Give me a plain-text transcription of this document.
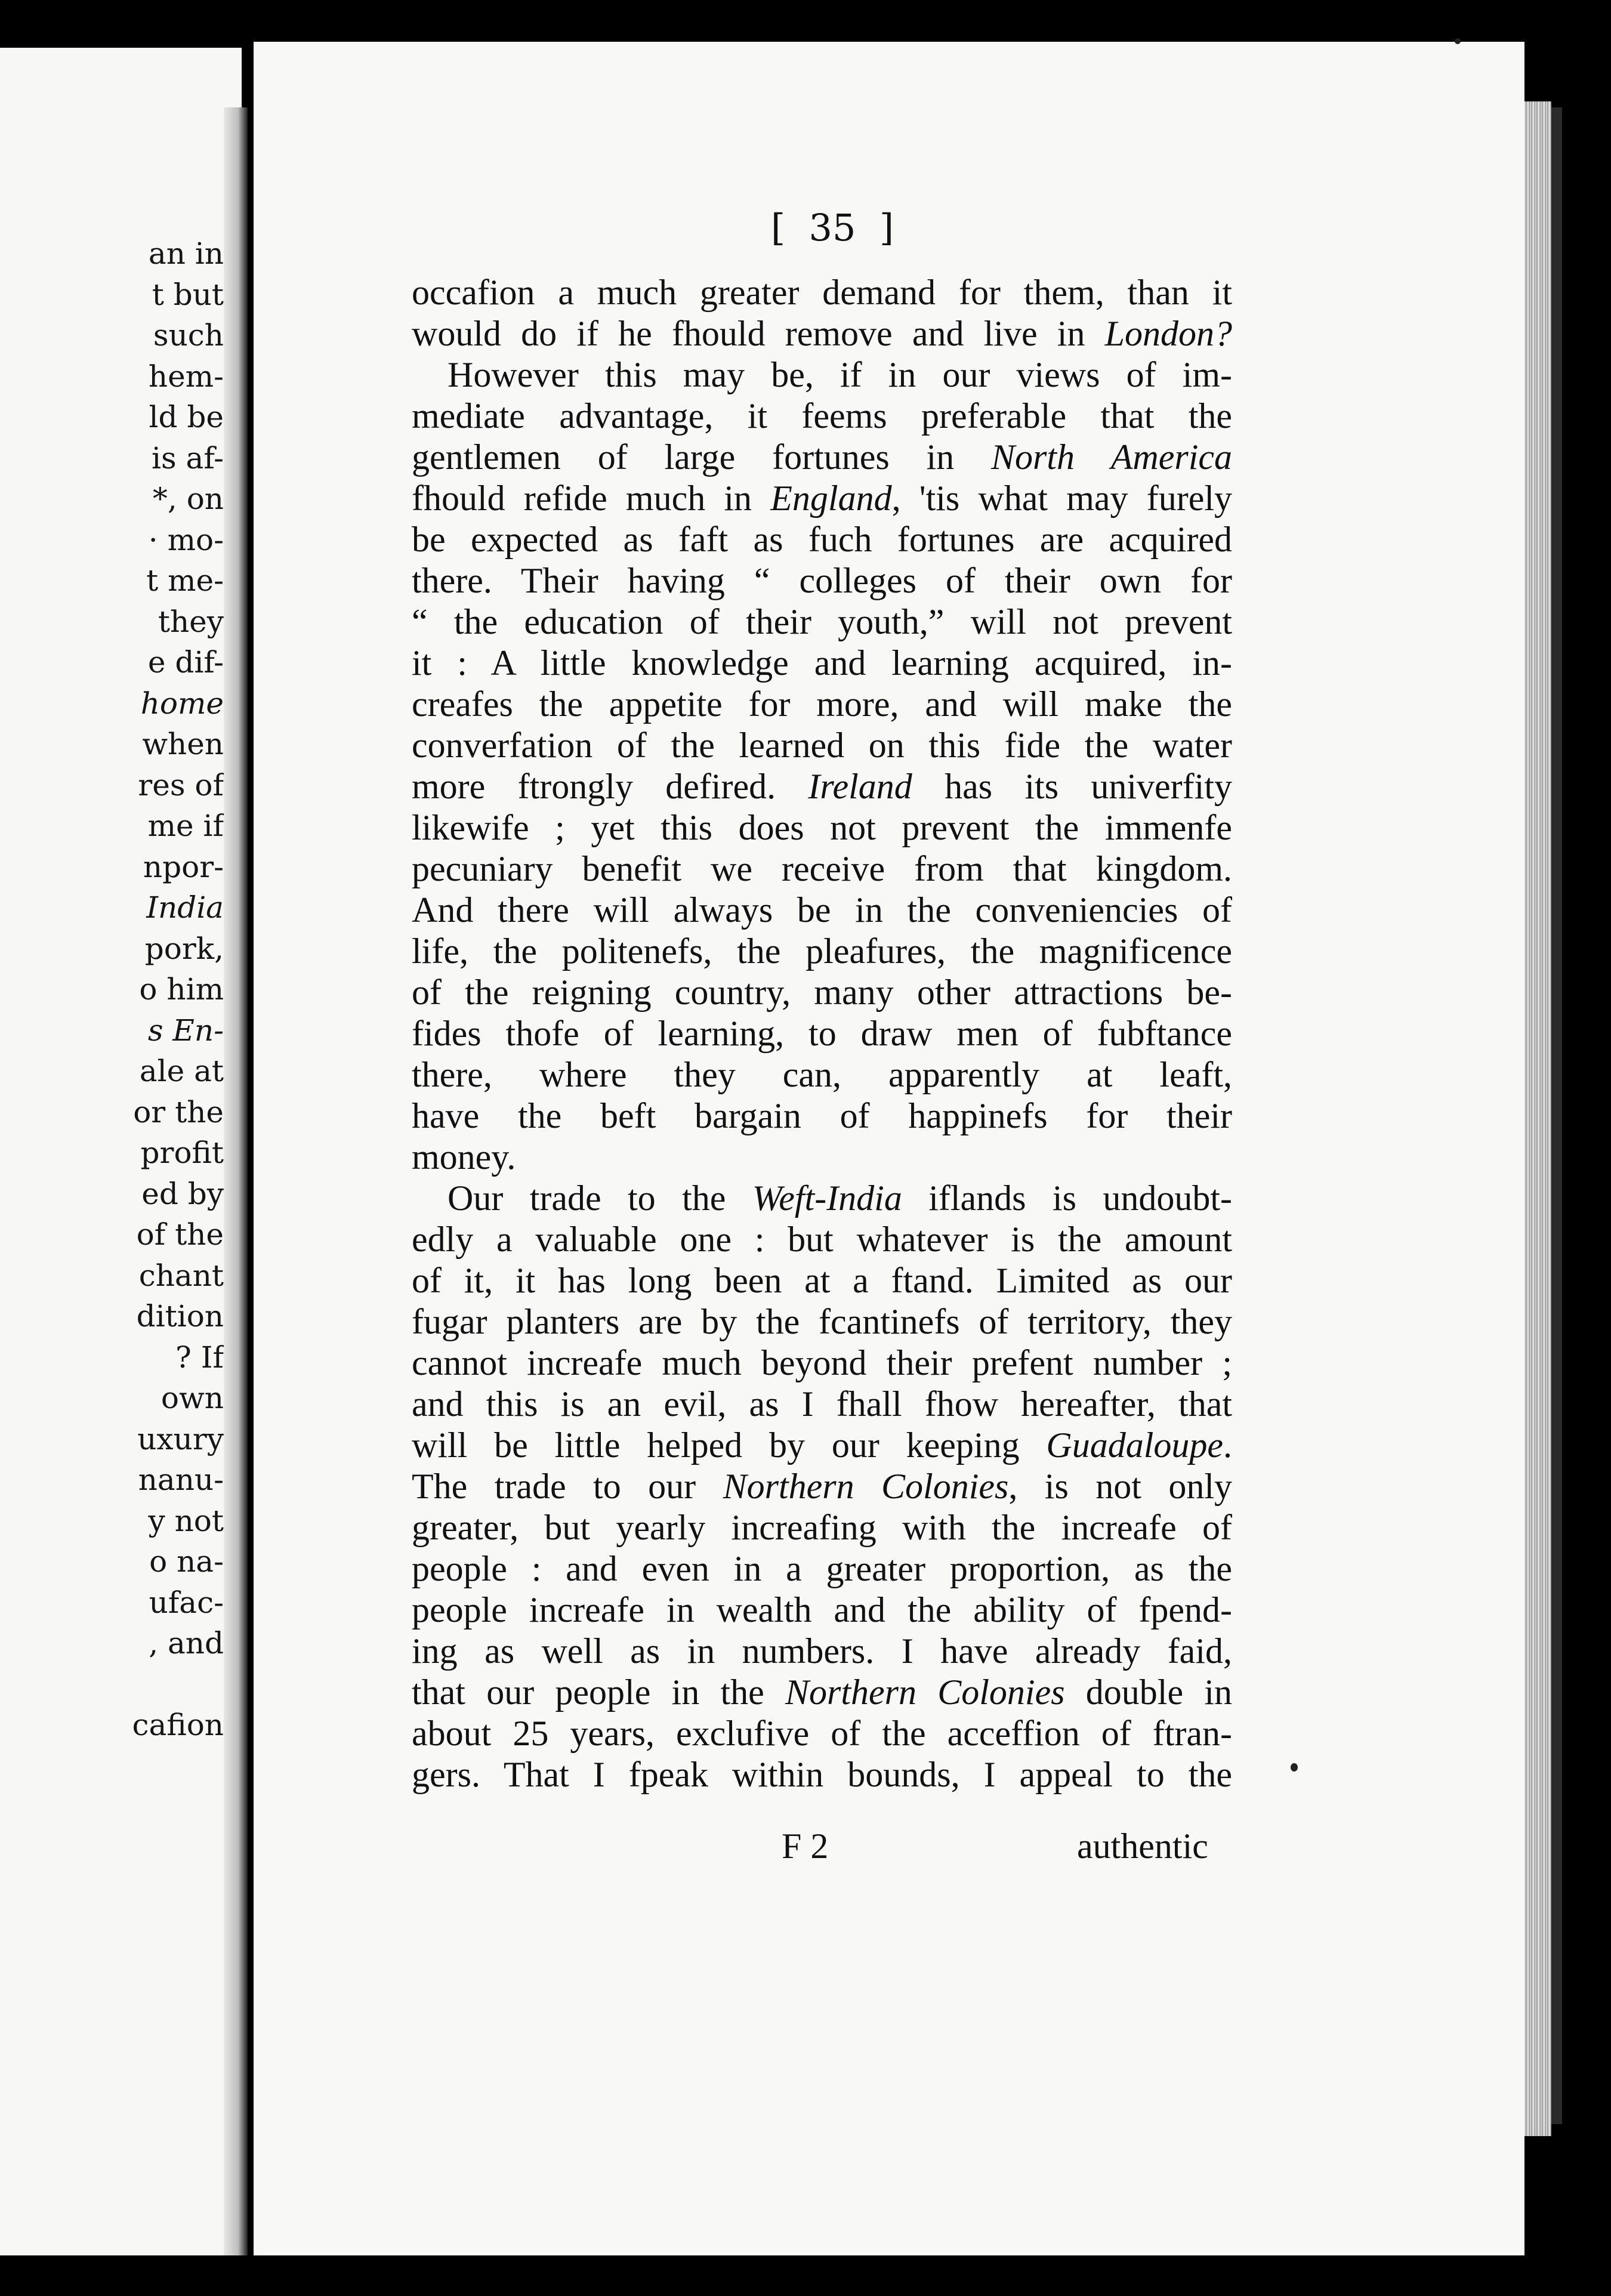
an in
t but
such
hem-
ld be
is af-
*, on
· mo-
t me-
they
e dif-
home
when
res of
me if
npor-
India
pork,
o him
s En-
ale at
or the
profit
ed by
of the
chant
dition
? If
own
uxury
nanu-
y not
o na-
ufac-
, and
cafion
[  35  ]
occafion a much greater demand for them, than it
would do if he fhould remove and live in London?
However this may be, if in our views of im-
mediate advantage, it feems preferable that the
gentlemen of large fortunes in North America
fhould refide much in England, 'tis what may furely
be expected as faft as fuch fortunes are acquired
there. Their having “ colleges of their own for
“ the education of their youth,” will not prevent
it : A little knowledge and learning acquired, in-
creafes the appetite for more, and will make the
converfation of the learned on this fide the water
more ftrongly defired. Ireland has its univerfity
likewife ; yet this does not prevent the immenfe
pecuniary benefit we receive from that kingdom.
And there will always be in the conveniencies of
life, the politenefs, the pleafures, the magnificence
of the reigning country, many other attractions be-
fides thofe of learning, to draw men of fubftance
there, where they can, apparently at leaft,
have the beft bargain of happinefs for their
money.
Our trade to the Weft-India iflands is undoubt-
edly a valuable one : but whatever is the amount
of it, it has long been at a ftand. Limited as our
fugar planters are by the fcantinefs of territory, they
cannot increafe much beyond their prefent number ;
and this is an evil, as I fhall fhow hereafter, that
will be little helped by our keeping Guadaloupe.
The trade to our Northern Colonies, is not only
greater, but yearly increafing with the increafe of
people : and even in a greater proportion, as the
people increafe in wealth and the ability of fpend-
ing as well as in numbers. I have already faid,
that our people in the Northern Colonies double in
about 25 years, exclufive of the acceffion of ftran-
gers. That I fpeak within bounds, I appeal to the
F 2	authentic
